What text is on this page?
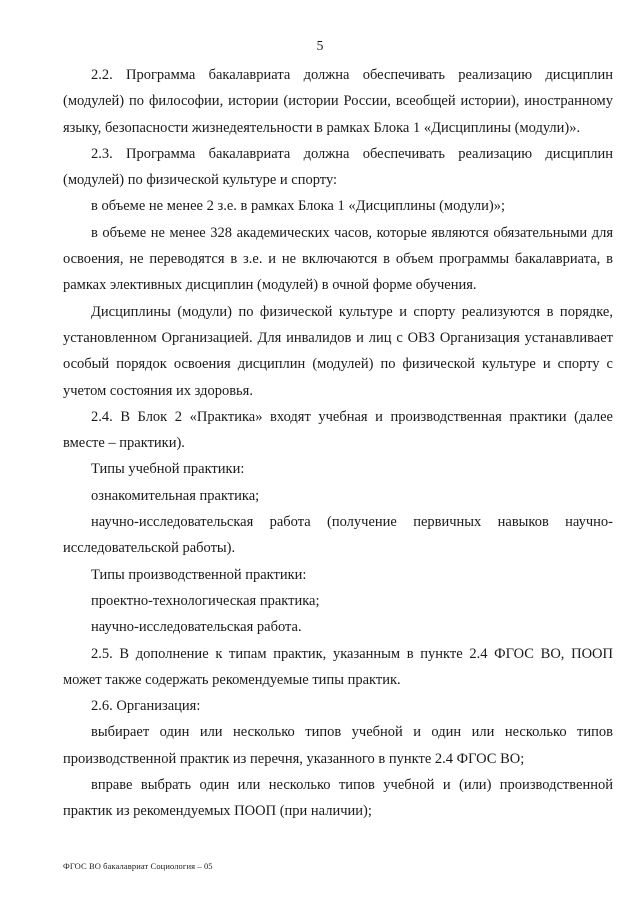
5

2.2. Программа бакалавриата должна обеспечивать реализацию дисциплин (модулей) по философии, истории (истории России, всеобщей истории), иностранному языку, безопасности жизнедеятельности в рамках Блока 1 «Дисциплины (модули)».

2.3. Программа бакалавриата должна обеспечивать реализацию дисциплин (модулей) по физической культуре и спорту:

в объеме не менее 2 з.е. в рамках Блока 1 «Дисциплины (модули)»;

в объеме не менее 328 академических часов, которые являются обязательными для освоения, не переводятся в з.е. и не включаются в объем программы бакалавриата, в рамках элективных дисциплин (модулей) в очной форме обучения.

Дисциплины (модули) по физической культуре и спорту реализуются в порядке, установленном Организацией. Для инвалидов и лиц с ОВЗ Организация устанавливает особый порядок освоения дисциплин (модулей) по физической культуре и спорту с учетом состояния их здоровья.

2.4. В Блок 2 «Практика» входят учебная и производственная практики (далее вместе – практики).

Типы учебной практики:

ознакомительная практика;

научно-исследовательская работа (получение первичных навыков научно-исследовательской работы).

Типы производственной практики:

проектно-технологическая практика;

научно-исследовательская работа.

2.5. В дополнение к типам практик, указанным в пункте 2.4 ФГОС ВО, ПООП может также содержать рекомендуемые типы практик.

2.6. Организация:

выбирает один или несколько типов учебной и один или несколько типов производственной практик из перечня, указанного в пункте 2.4 ФГОС ВО;

вправе выбрать один или несколько типов учебной и (или) производственной практик из рекомендуемых ПООП (при наличии);

ФГОС ВО бакалавриат Социология – 05
